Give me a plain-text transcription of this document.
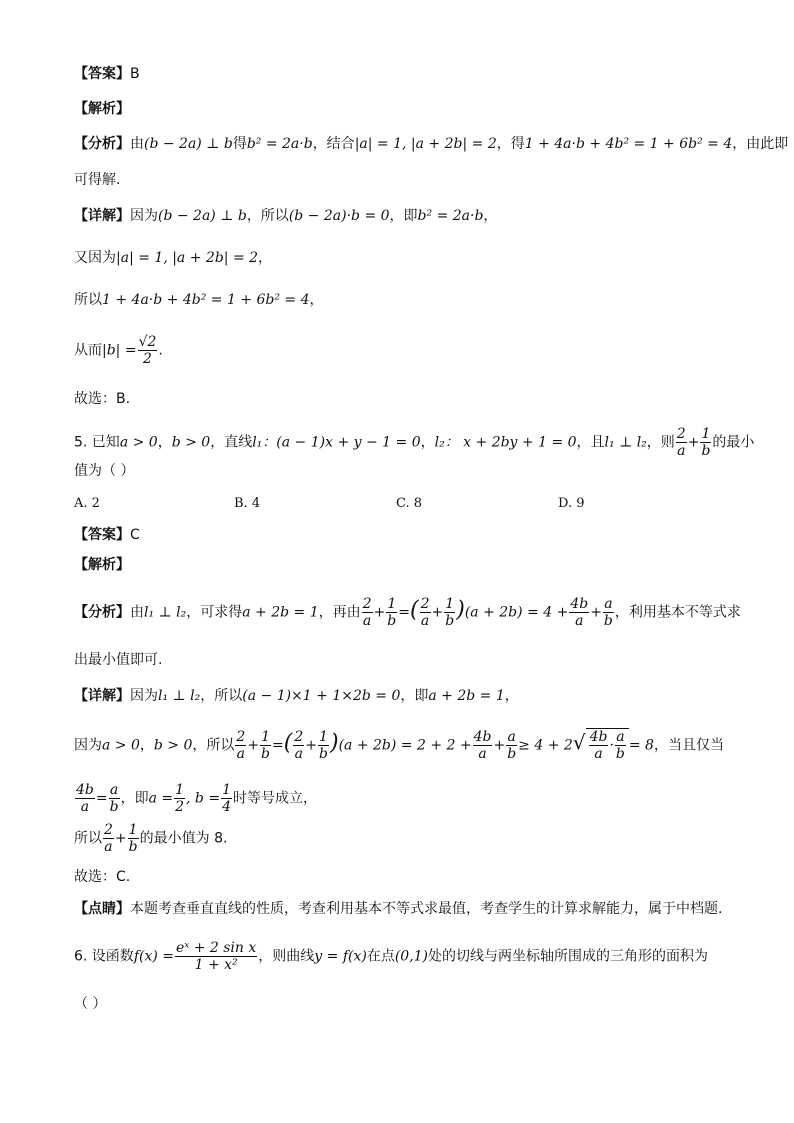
【答案】B
【解析】
【分析】由(b − 2a) ⊥ b得b² = 2a·b，结合|a| = 1, |a + 2b| = 2，得1 + 4a·b + 4b² = 1 + 6b² = 4，由此即
可得解.
【详解】因为(b − 2a) ⊥ b，所以(b − 2a)·b = 0，即b² = 2a·b，
又因为|a| = 1, |a + 2b| = 2，
所以1 + 4a·b + 4b² = 1 + 6b² = 4，
从而$|b| = \frac{√2}{2}$ .
故选：B.
5. 已知a > 0，b > 0，直线l₁：(a − 1)x + y − 1 = 0，l₂： x + 2by + 1 = 0，且l₁ ⊥ l₂，则 $\frac{2}{a} + \frac{1}{b}$ 的最小
值为（ ）
A. 2	B. 4	C. 8	D. 9
【答案】C
【解析】
【分析】由l₁ ⊥ l₂，可求得a + 2b = 1，再由 $\frac{2}{a} + \frac{1}{b}$ =( $\frac{2}{a} + \frac{1}{b} )(a + 2b) = 4 + \frac{4b}{a} + \frac{a}{b}$ ，利用基本不等式求
出最小值即可.
【详解】因为l₁ ⊥ l₂，所以(a − 1)×1 + 1×2b = 0，即a + 2b = 1，
因为a > 0，b > 0，所以 $\frac{2}{a} + \frac{1}{b}$ =( $\frac{2}{a} + \frac{1}{b} )(a + 2b) = 2 + 2 + \frac{4b}{a} + \frac{a}{b} \ge 4 + 2√ \frac{4b}{a} \cdot \frac{a}{b} = 8$，当且仅当
$\frac{4b}{a} = \frac{a}{b}$ ，即$a = \frac{1}{2}$ , $b = \frac{1}{4}$ 时等号成立，
所以 $\frac{2}{a} + \frac{1}{b}$ 的最小值为 8.
故选：C.
【点睛】本题考查垂直直线的性质，考查利用基本不等式求最值，考查学生的计算求解能力，属于中档题.
6. 设函数$f(x) = \frac{\text{eˣ + 2 sin x}}{\text{1 + x²}}$ ，则曲线y = f(x)在点(0,1)处的切线与两坐标轴所围成的三角形的面积为
（ ）
